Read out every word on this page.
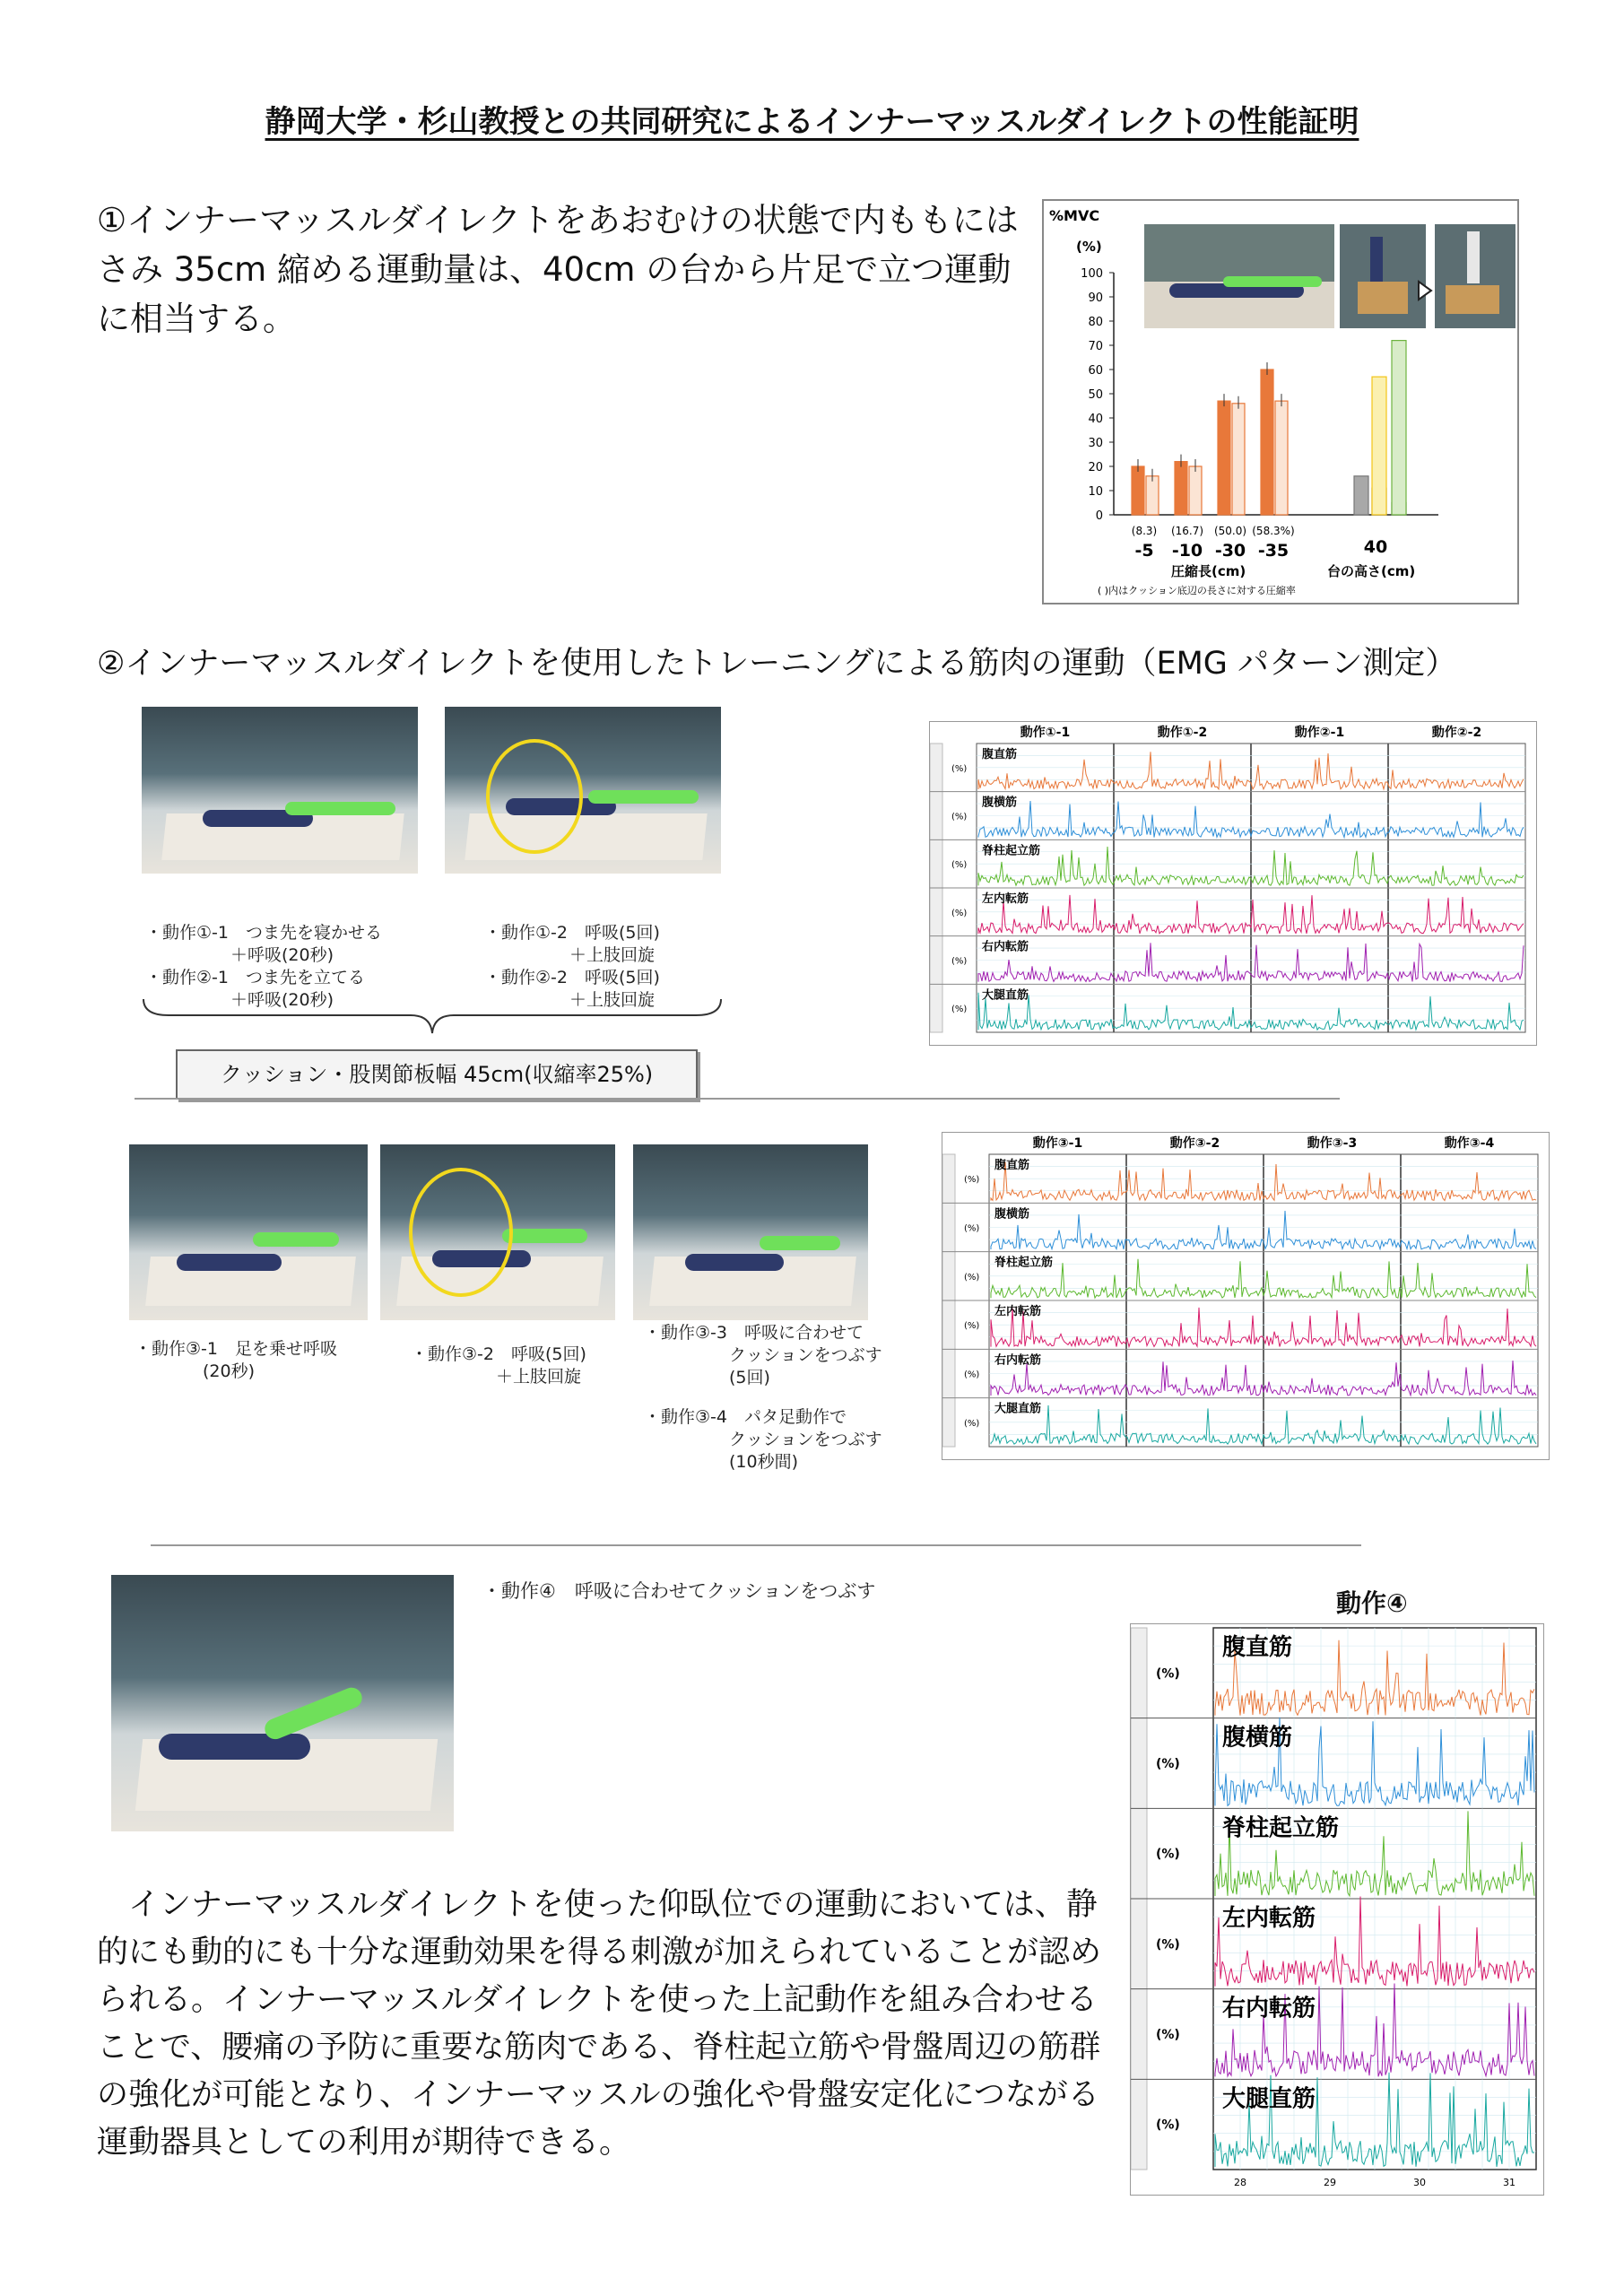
静岡大学・杉山教授との共同研究によるインナーマッスルダイレクトの性能証明
①インナーマッスルダイレクトをあおむけの状態で内ももにはさみ 35cm 縮める運動量は、40cm の台から片足で立つ運動に相当する。
%MVC
(%)
0
10
20
30
40
50
60
70
80
90
100
(8.3)
-5
(16.7)
-10
(50.0)
-30
(58.3%)
-35	40
圧縮長(cm)	台の高さ(cm)
( )内はクッション底辺の長さに対する圧縮率
②インナーマッスルダイレクトを使用したトレーニングによる筋肉の運動（EMG パターン測定）
・動作①-1　つま先を寝かせる
　　　　　＋呼吸(20秒)
・動作②-1　つま先を立てる
　　　　　＋呼吸(20秒)
・動作①-2　呼吸(5回)
　　　　　＋上肢回旋
・動作②-2　呼吸(5回)
　　　　　＋上肢回旋
クッション・股関節板幅 45cm(収縮率25%)
動作①-1	動作①-2	動作②-1	動作②-2
(%)
腹直筋
(%)
腹横筋
(%)
脊柱起立筋
(%)
左内転筋
(%)
右内転筋
(%)
大腿直筋
・動作③-1　足を乗せ呼吸
　　　　(20秒)
・動作③-2　呼吸(5回)
　　　　　＋上肢回旋
・動作③-3　呼吸に合わせて
　　　　　クッションをつぶす
　　　　　(5回)
・動作③-4　パタ足動作で
　　　　　クッションをつぶす
　　　　　(10秒間)
動作③-1	動作③-2	動作③-3	動作③-4
(%)
腹直筋
(%)
腹横筋
(%)
脊柱起立筋
(%)
左内転筋
(%)
右内転筋
(%)
大腿直筋
・動作④　呼吸に合わせてクッションをつぶす	動作④
(%)
腹直筋
(%)
腹横筋
(%)
脊柱起立筋
(%)
左内転筋
(%)
右内転筋
(%)
大腿直筋
28	29	30	31
インナーマッスルダイレクトを使った仰臥位での運動においては、静的にも動的にも十分な運動効果を得る刺激が加えられていることが認められる。インナーマッスルダイレクトを使った上記動作を組み合わせることで、腰痛の予防に重要な筋肉である、脊柱起立筋や骨盤周辺の筋群の強化が可能となり、インナーマッスルの強化や骨盤安定化につながる運動器具としての利用が期待できる。
